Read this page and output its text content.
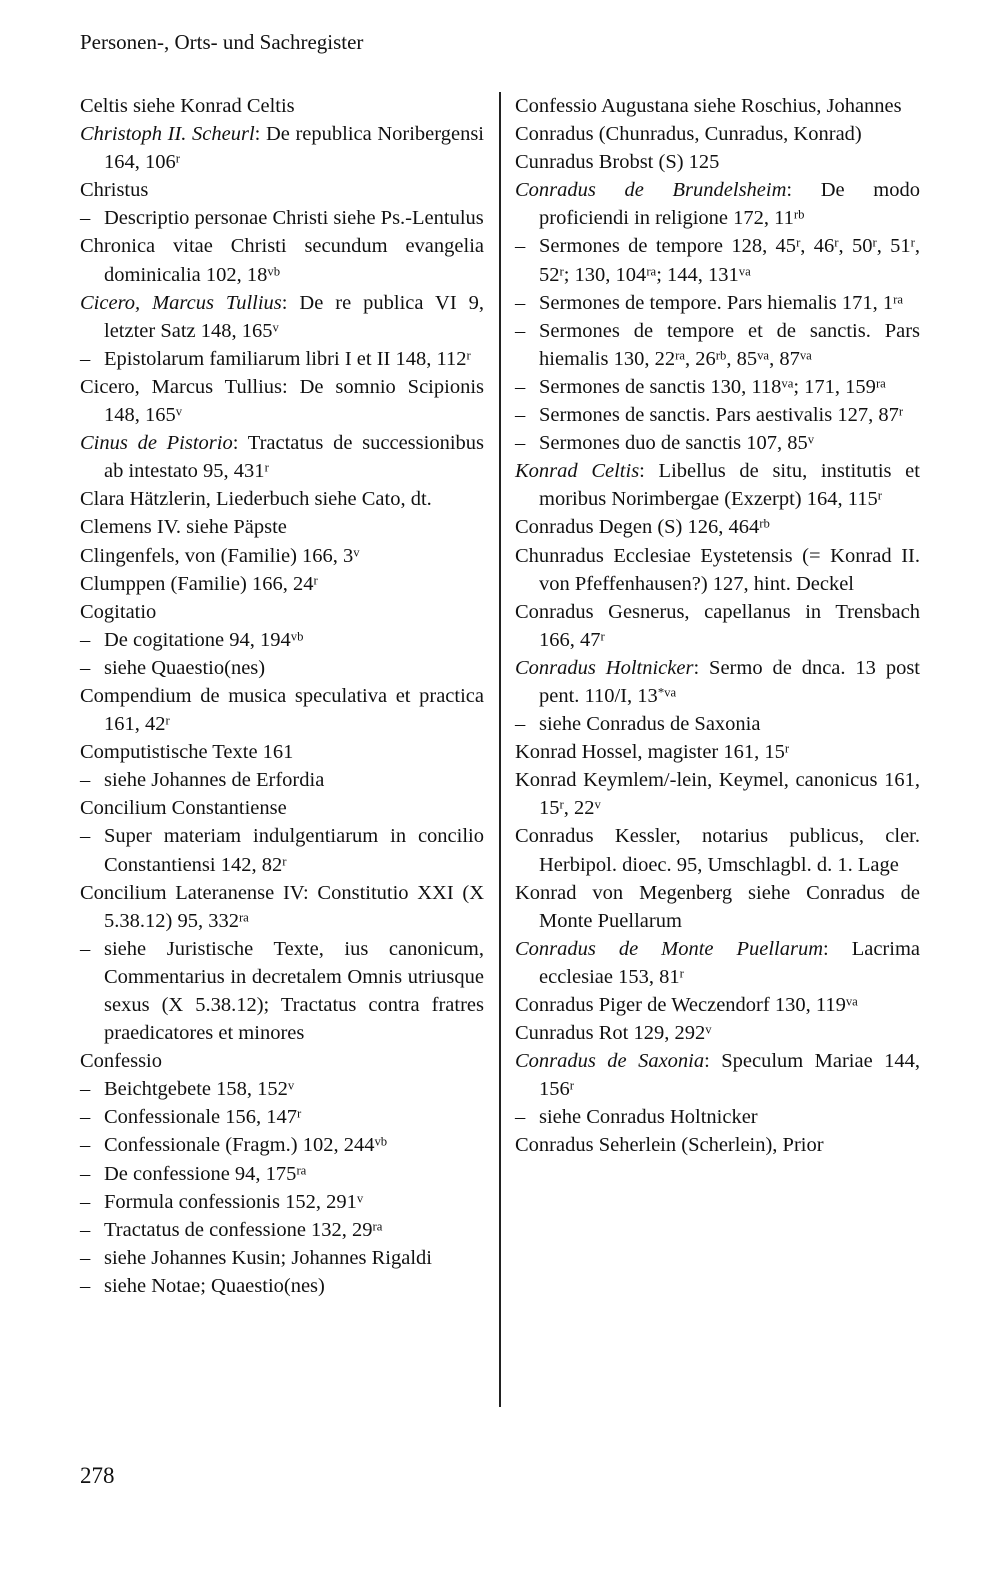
Personen-, Orts- und Sachregister
Celtis siehe Konrad Celtis
Christoph II. Scheurl: De republica Noribergensi 164, 106$^r$
Christus
– Descriptio personae Christi siehe Ps.-Lentulus
Chronica vitae Christi secundum evangelia dominicalia 102, $18^{vb}$
Cicero, Marcus Tullius: De re publica VI 9, letzter Satz 148, 165$^v$
– Epistolarum familiarum libri I et II 148, 112$^r$
Cicero, Marcus Tullius: De somnio Scipionis 148, 165$^v$
Cinus de Pistorio: Tractatus de successionibus ab intestato 95, 431$^r$
Clara Hätzlerin, Liederbuch siehe Cato, dt.
Clemens IV. siehe Päpste
Clingenfels, von (Familie) 166, 3$^v$
Clumppen (Familie) 166, 24$^r$
Cogitatio
– De cogitatione 94, $194^{vb}$
– siehe Quaestio(nes)
Compendium de musica speculativa et practica 161, 42$^r$
Computistische Texte 161
– siehe Johannes de Erfordia
Concilium Constantiense
– Super materiam indulgentiarum in concilio Constantiensi 142, 82$^r$
Concilium Lateranense IV: Constitutio XXI (X 5.38.12) 95, $332^{ra}$
– siehe Juristische Texte, ius canonicum, Commentarius in decretalem Omnis utriusque sexus (X 5.38.12); Tractatus contra fratres praedicatores et minores
Confessio
– Beichtgebete 158, 152$^v$
– Confessionale 156, 147$^r$
– Confessionale (Fragm.) 102, $244^{vb}$
– De confessione 94, $175^{ra}$
– Formula confessionis 152, 291$^v$
– Tractatus de confessione 132, $29^{ra}$
– siehe Johannes Kusin; Johannes Rigaldi
– siehe Notae; Quaestio(nes)
Confessio Augustana siehe Roschius, Johannes
Conradus (Chunradus, Cunradus, Konrad)
Cunradus Brobst (S) 125
Conradus de Brundelsheim: De modo proficiendi in religione 172, $11^{rb}$
– Sermones de tempore 128, 45$^r$, 46$^r$, 50$^r$, 51$^r$, 52$^r$; 130, $104^{ra}$; 144, $131^{va}$
– Sermones de tempore. Pars hiemalis 171, $1^{ra}$
– Sermones de tempore et de sanctis. Pars hiemalis 130, $22^{ra}$, $26^{rb}$, $85^{va}$, $87^{va}$
– Sermones de sanctis 130, $118^{va}$; 171, $159^{ra}$
– Sermones de sanctis. Pars aestivalis 127, 87$^r$
– Sermones duo de sanctis 107, 85$^v$
Konrad Celtis: Libellus de situ, institutis et moribus Norimbergae (Exzerpt) 164, 115$^r$
Conradus Degen (S) 126, $464^{rb}$
Chunradus Ecclesiae Eystetensis (= Konrad II. von Pfeffenhausen?) 127, hint. Deckel
Conradus Gesnerus, capellanus in Trensbach 166, 47$^r$
Conradus Holtnicker: Sermo de dnca. 13 post pent. 110/I, $13^{*va}$
– siehe Conradus de Saxonia
Konrad Hossel, magister 161, 15$^r$
Konrad Keymlem/-lein, Keymel, canonicus 161, 15$^r$, 22$^v$
Conradus Kessler, notarius publicus, cler. Herbipol. dioec. 95, Umschlagbl. d. 1. Lage
Konrad von Megenberg siehe Conradus de Monte Puellarum
Conradus de Monte Puellarum: Lacrima ecclesiae 153, 81$^r$
Conradus Piger de Weczendorf 130, $119^{va}$
Cunradus Rot 129, 292$^v$
Conradus de Saxonia: Speculum Mariae 144, 156$^r$
– siehe Conradus Holtnicker
Conradus Seherlein (Scherlein), Prior
278
